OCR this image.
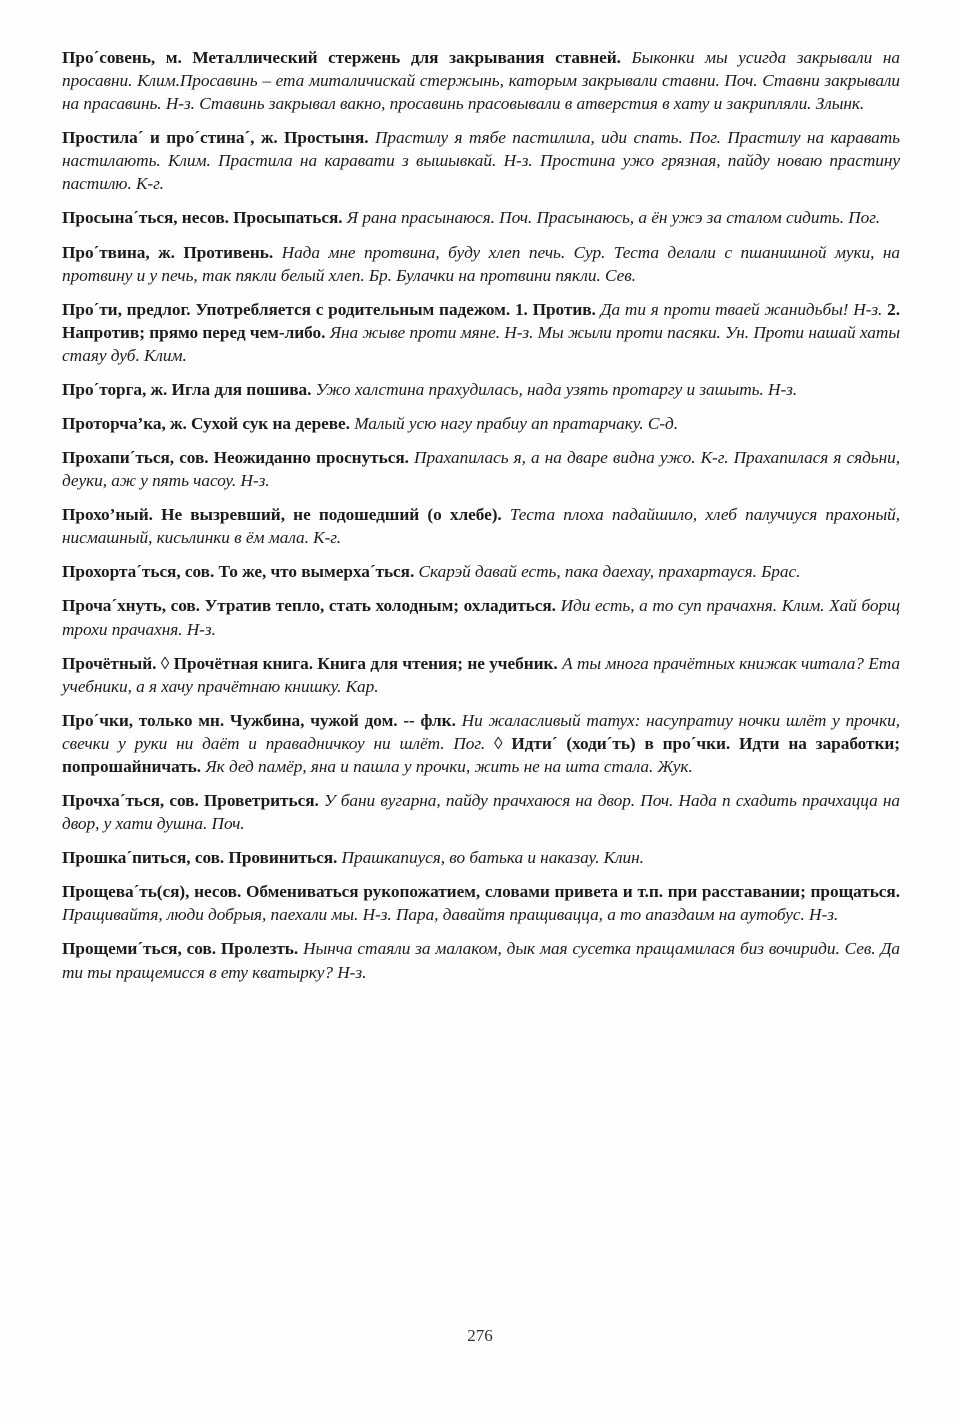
Про´совень, м. Металлический стержень для закрывания ставней. Быконки мы усигда закрывали на просавни. Клим.Просавинь – ета миталичискай стержынь, каторым закрывали ставни. Поч. Ставни закрывали на прасавинь. Н-з. Ставинь закрывал вакно, просавинь прасовывали в атверстия в хату и закрипляли. Злынк.

Простила´ и про´стина´, ж. Простыня. Прастилу я тябе пастилила, иди спать. Пог. Прастилу на каравать настилають. Клим. Прастила на каравати з вышывкай. Н-з. Простина ужо грязная, пайду новаю прастину пастилю. К-г.

Просына´ться, несов. Просыпаться. Я рана прасынаюся. Поч. Прасынаюсь, а ён ужэ за сталом сидить. Пог.

Про´твина, ж. Противень. Нада мне протвина, буду хлеп печь. Сур. Теста делали с пшанишной муки, на протвину и у печь, так пякли белый хлеп. Бр. Булачки на протвини пякли. Сев.

Про´ти, предлог. Употребляется с родительным падежом. 1. Против. Да ти я проти тваей жанидьбы! Н-з. 2. Напротив; прямо перед чем-либо. Яна жыве проти мяне. Н-з. Мы жыли проти пасяки. Ун. Проти нашай хаты стаяу дуб. Клим.

Про´торга, ж. Игла для пошива. Ужо халстина прахудилась, нада узять протаргу и зашыть. Н-з.

Проторча’ка, ж. Сухой сук на дереве. Малый усю нагу прабиу ап пратарчаку. С-д.

Прохапи´ться, сов. Неожиданно проснуться. Прахапилась я, а на дваре видна ужо. К-г. Прахапилася я сядьни, деуки, аж у пять часоу. Н-з.

Прохо’ный. Не вызревший, не подошедший (о хлебе). Теста плоха падайшило, хлеб палучиуся прахоный, нисмашный, кисьлинки в ём мала. К-г.

Прохорта´ться, сов. То же, что вымерха´ться. Скарэй давай есть, пака даехау, прахартауся. Брас.

Проча´хнуть, сов. Утратив тепло, стать холодным; охладиться. Иди есть, а то суп прачахня. Клим. Хай борщ трохи прачахня. Н-з.

Прочётный. ◊ Прочётная книга. Книга для чтения; не учебник. А ты многа прачётных книжак читала? Ета учебники, а я хачу прачётнаю книшку. Кар.

Про´чки, только мн. Чужбина, чужой дом. -- флк. Ни жаласливый татух: насупратиу ночки шлёт у прочки, свечки у руки ни даёт и правадничкоу ни шлёт. Пог. ◊ Идти´ (ходи´ть) в про´чки. Идти на заработки; попрошайничать. Як дед памёр, яна и пашла у прочки, жить не на шта стала. Жук.

Прочха´ться, сов. Проветриться. У бани вугарна, пайду прачхаюся на двор. Поч. Нада п схадить прачхацца на двор, у хати душна. Поч.

Прошка´питься, сов. Провиниться. Прашкапиуся, во батька и наказау. Клин.

Прощева´ть(ся), несов. Обмениваться рукопожатием, словами привета и т.п. при расставании; прощаться. Пращивайтя, люди добрыя, паехали мы. Н-з. Пара, давайтя пращивацца, а то апаздаим на аутобус. Н-з.

Прощеми´ться, сов. Пролезть. Нынча стаяли за малаком, дык мая сусетка пращамилася биз вочириди. Сев. Да ти ты пращемисся в ету кватырку? Н-з.

276
